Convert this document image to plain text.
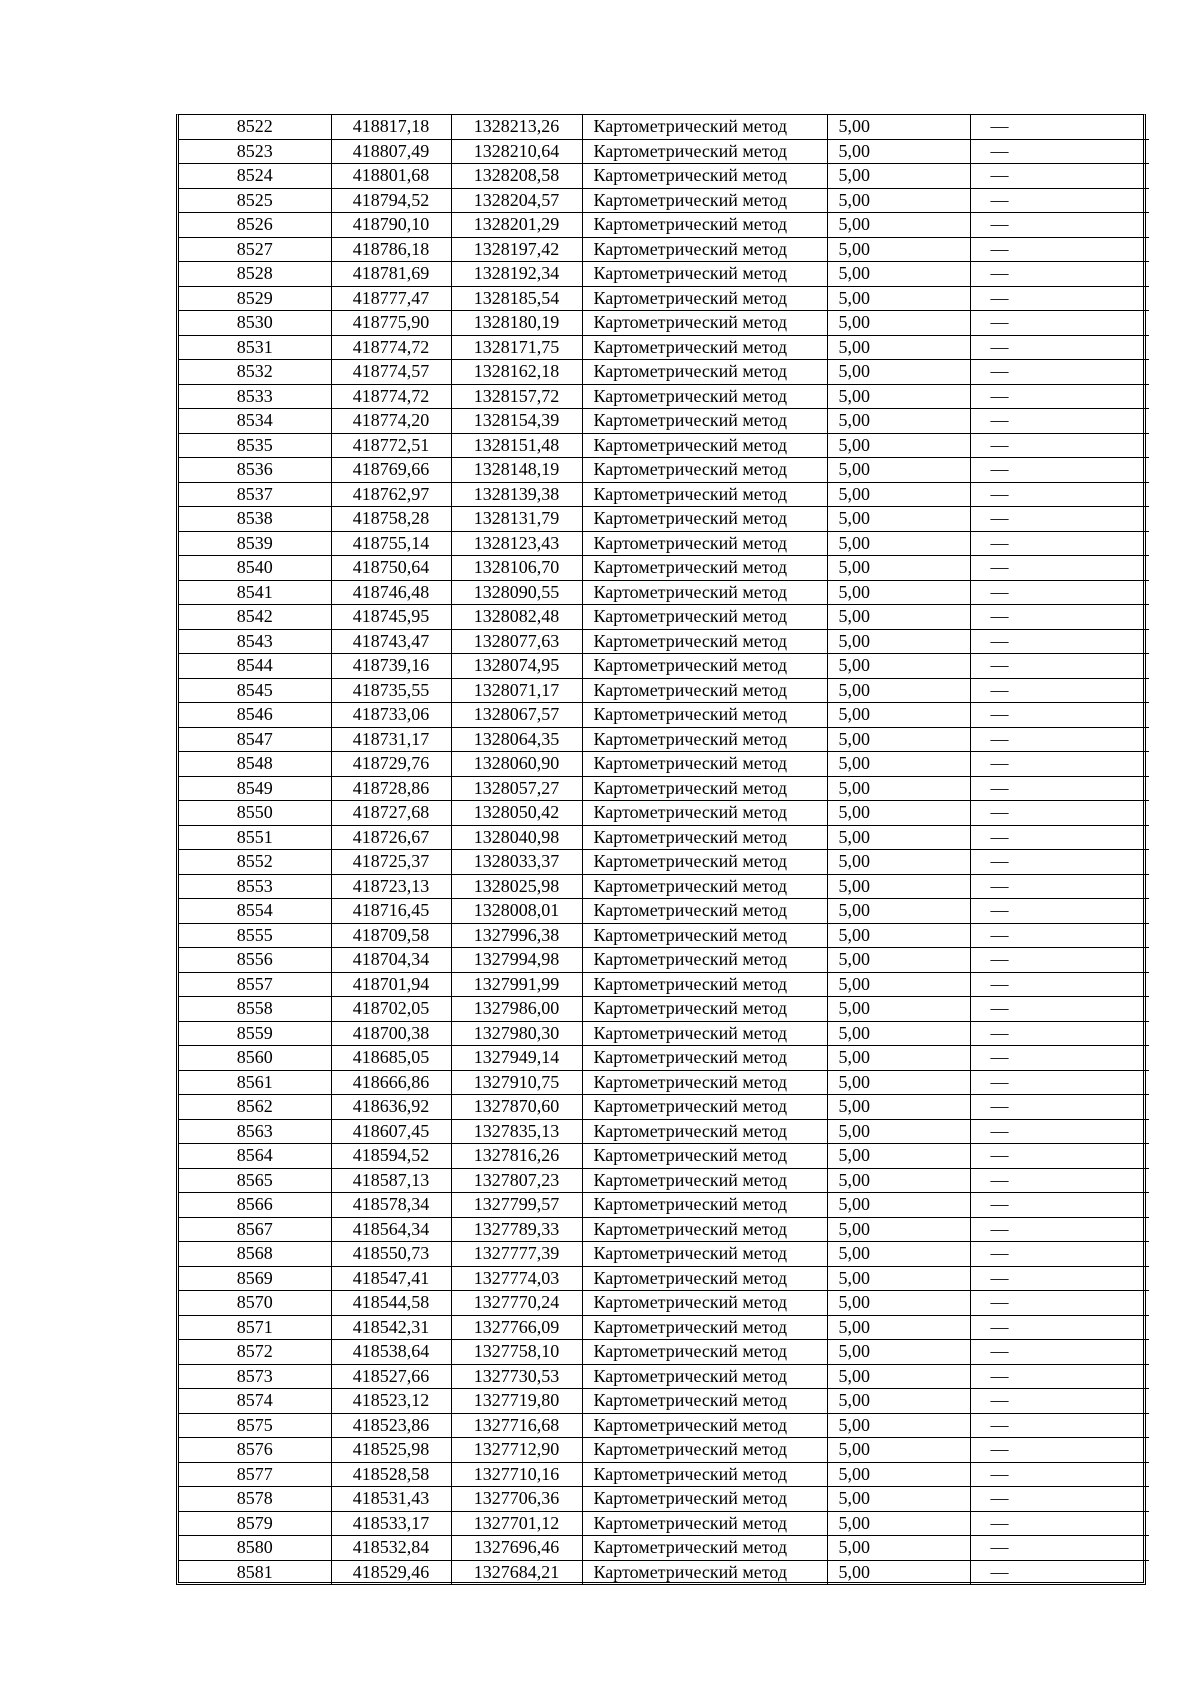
8522	418817,18	1328213,26	Картометрический метод	5,00	—
8523	418807,49	1328210,64	Картометрический метод	5,00	—
8524	418801,68	1328208,58	Картометрический метод	5,00	—
8525	418794,52	1328204,57	Картометрический метод	5,00	—
8526	418790,10	1328201,29	Картометрический метод	5,00	—
8527	418786,18	1328197,42	Картометрический метод	5,00	—
8528	418781,69	1328192,34	Картометрический метод	5,00	—
8529	418777,47	1328185,54	Картометрический метод	5,00	—
8530	418775,90	1328180,19	Картометрический метод	5,00	—
8531	418774,72	1328171,75	Картометрический метод	5,00	—
8532	418774,57	1328162,18	Картометрический метод	5,00	—
8533	418774,72	1328157,72	Картометрический метод	5,00	—
8534	418774,20	1328154,39	Картометрический метод	5,00	—
8535	418772,51	1328151,48	Картометрический метод	5,00	—
8536	418769,66	1328148,19	Картометрический метод	5,00	—
8537	418762,97	1328139,38	Картометрический метод	5,00	—
8538	418758,28	1328131,79	Картометрический метод	5,00	—
8539	418755,14	1328123,43	Картометрический метод	5,00	—
8540	418750,64	1328106,70	Картометрический метод	5,00	—
8541	418746,48	1328090,55	Картометрический метод	5,00	—
8542	418745,95	1328082,48	Картометрический метод	5,00	—
8543	418743,47	1328077,63	Картометрический метод	5,00	—
8544	418739,16	1328074,95	Картометрический метод	5,00	—
8545	418735,55	1328071,17	Картометрический метод	5,00	—
8546	418733,06	1328067,57	Картометрический метод	5,00	—
8547	418731,17	1328064,35	Картометрический метод	5,00	—
8548	418729,76	1328060,90	Картометрический метод	5,00	—
8549	418728,86	1328057,27	Картометрический метод	5,00	—
8550	418727,68	1328050,42	Картометрический метод	5,00	—
8551	418726,67	1328040,98	Картометрический метод	5,00	—
8552	418725,37	1328033,37	Картометрический метод	5,00	—
8553	418723,13	1328025,98	Картометрический метод	5,00	—
8554	418716,45	1328008,01	Картометрический метод	5,00	—
8555	418709,58	1327996,38	Картометрический метод	5,00	—
8556	418704,34	1327994,98	Картометрический метод	5,00	—
8557	418701,94	1327991,99	Картометрический метод	5,00	—
8558	418702,05	1327986,00	Картометрический метод	5,00	—
8559	418700,38	1327980,30	Картометрический метод	5,00	—
8560	418685,05	1327949,14	Картометрический метод	5,00	—
8561	418666,86	1327910,75	Картометрический метод	5,00	—
8562	418636,92	1327870,60	Картометрический метод	5,00	—
8563	418607,45	1327835,13	Картометрический метод	5,00	—
8564	418594,52	1327816,26	Картометрический метод	5,00	—
8565	418587,13	1327807,23	Картометрический метод	5,00	—
8566	418578,34	1327799,57	Картометрический метод	5,00	—
8567	418564,34	1327789,33	Картометрический метод	5,00	—
8568	418550,73	1327777,39	Картометрический метод	5,00	—
8569	418547,41	1327774,03	Картометрический метод	5,00	—
8570	418544,58	1327770,24	Картометрический метод	5,00	—
8571	418542,31	1327766,09	Картометрический метод	5,00	—
8572	418538,64	1327758,10	Картометрический метод	5,00	—
8573	418527,66	1327730,53	Картометрический метод	5,00	—
8574	418523,12	1327719,80	Картометрический метод	5,00	—
8575	418523,86	1327716,68	Картометрический метод	5,00	—
8576	418525,98	1327712,90	Картометрический метод	5,00	—
8577	418528,58	1327710,16	Картометрический метод	5,00	—
8578	418531,43	1327706,36	Картометрический метод	5,00	—
8579	418533,17	1327701,12	Картометрический метод	5,00	—
8580	418532,84	1327696,46	Картометрический метод	5,00	—
8581	418529,46	1327684,21	Картометрический метод	5,00	—
